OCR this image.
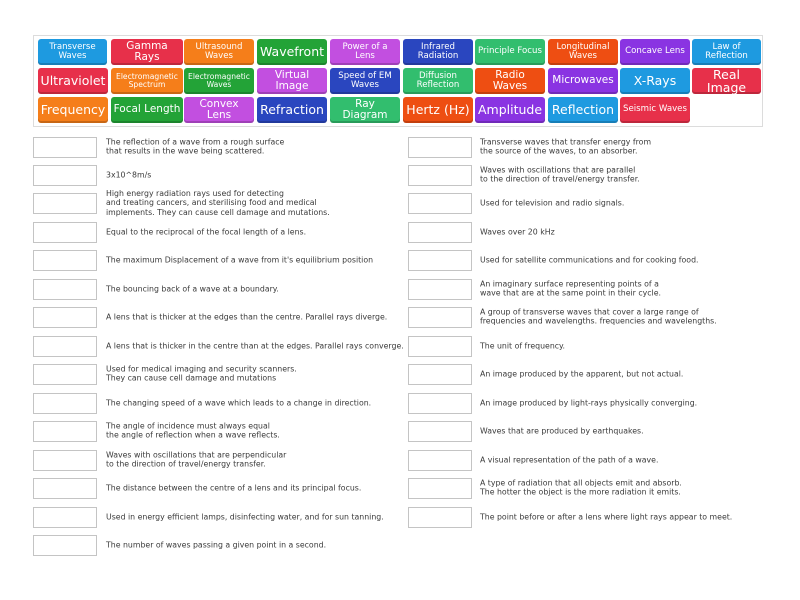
Transverse Waves
Gamma Rays
Ultrasound Waves	Wavefront	Power of a Lens
Infrared Radiation	Principle Focus	Longitudinal Waves	Concave Lens	Law of Reflection
Ultraviolet	Electromagnetic Spectrum
Electromagnetic Waves
Virtual Image
Speed of EM Waves
Diffusion Reflection
Radio Waves	Microwaves X-Rays	Real Image
Frequency Focal Length	Convex Lens	Refraction	Ray Diagram	Hertz (Hz) Amplitude Reflection Seismic Waves
The reflection of a wave from a rough surface
that results in the wave being scattered.
3x10^8m/s
High energy radiation rays used for detecting
and treating cancers, and sterilising food and medical
implements. They can cause cell damage and mutations.
Equal to the reciprocal of the focal length of a lens.
The maximum Displacement of a wave from it's equilibrium position
The bouncing back of a wave at a boundary.
A lens that is thicker at the edges than the centre. Parallel rays diverge.
A lens that is thicker in the centre than at the edges. Parallel rays converge.
Used for medical imaging and security scanners.
They can cause cell damage and mutations
The changing speed of a wave which leads to a change in direction.
The angle of incidence must always equal
the angle of reflection when a wave reflects.
Waves with oscillations that are perpendicular
to the direction of travel/energy transfer.
The distance between the centre of a lens and its principal focus.
Used in energy efficient lamps, disinfecting water, and for sun tanning.
The number of waves passing a given point in a second.
Transverse waves that transfer energy from
the source of the waves, to an absorber.
Waves with oscillations that are parallel
to the direction of travel/energy transfer.
Used for television and radio signals.
Waves over 20 kHz
Used for satellite communications and for cooking food.
An imaginary surface representing points of a
wave that are at the same point in their cycle.
A group of transverse waves that cover a large range of
frequencies and wavelengths. frequencies and wavelengths.
The unit of frequency.
An image produced by the apparent, but not actual.
An image produced by light-rays physically converging.
Waves that are produced by earthquakes.
A visual representation of the path of a wave.
A type of radiation that all objects emit and absorb.
The hotter the object is the more radiation it emits.
The point before or after a lens where light rays appear to meet.
